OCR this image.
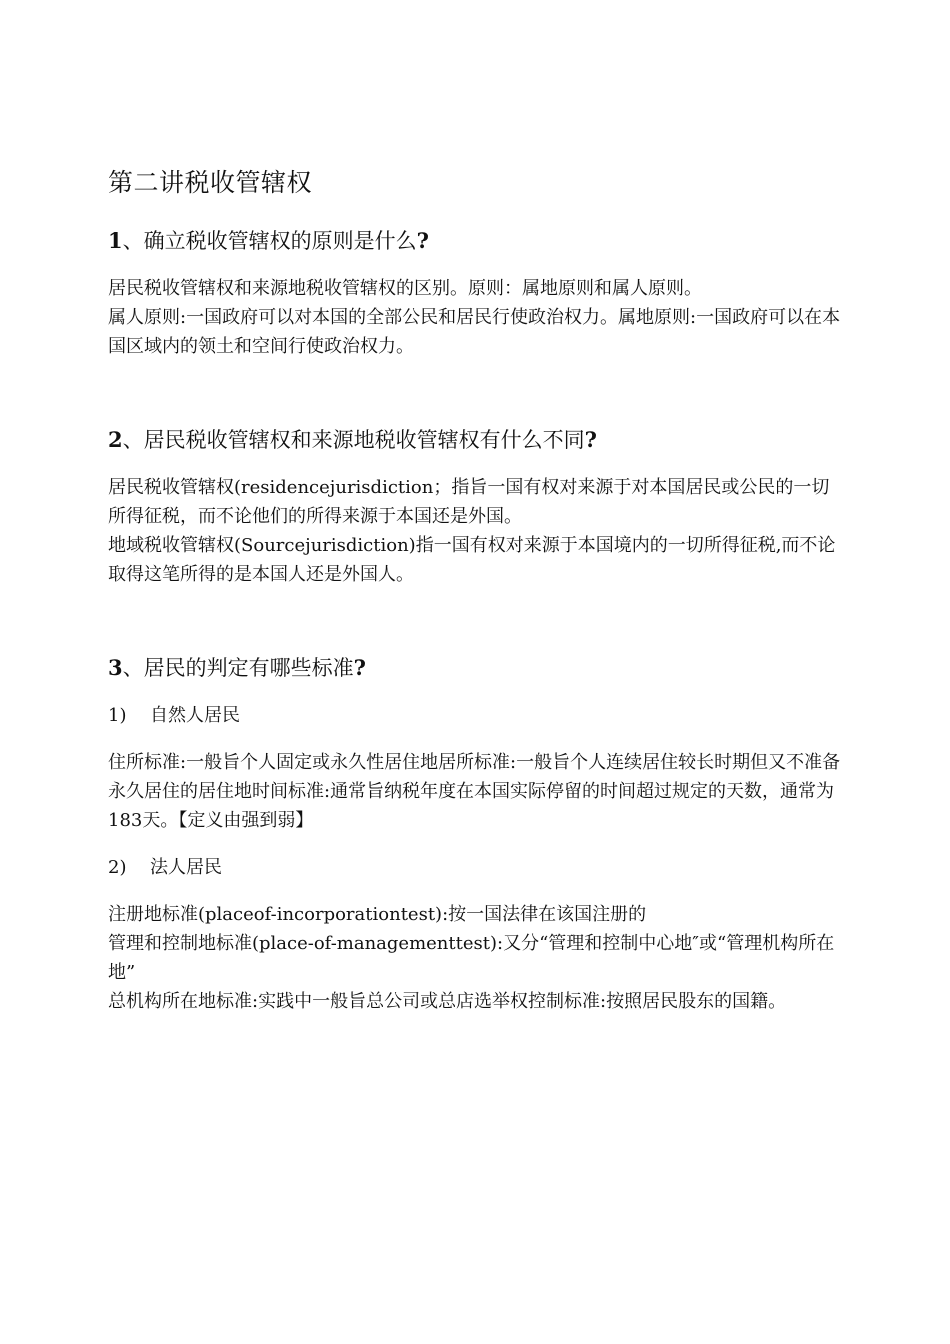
第二讲税收管辖权
1、确立税收管辖权的原则是什么?

居民税收管辖权和来源地税收管辖权的区别。原则：属地原则和属人原则。

属人原则:一国政府可以对本国的全部公民和居民行使政治权力。属地原则:一国政府可以在本国区域内的领土和空间行使政治权力。

2、居民税收管辖权和来源地税收管辖权有什么不同?

居民税收管辖权(residencejurisdiction；指旨一国有权对来源于对本国居民或公民的一切所得征税，而不论他们的所得来源于本国还是外国。

地域税收管辖权(Sourcejurisdiction)指一国有权对来源于本国境内的一切所得征税,而不论取得这笔所得的是本国人还是外国人。

3、居民的判定有哪些标准?

1) 自然人居民

住所标准:一般旨个人固定或永久性居住地居所标准:一般旨个人连续居住较长时期但又不准备永久居住的居住地时间标准:通常旨纳税年度在本国实际停留的时间超过规定的天数，通常为183天。【定义由强到弱】

2) 法人居民

注册地标准(placeof-incorporationtest):按一国法律在该国注册的

管理和控制地标准(place-of-managementtest):又分“管理和控制中心地″或“管理机构所在地”

总机构所在地标准:实践中一般旨总公司或总店选举权控制标准:按照居民股东的国籍。
